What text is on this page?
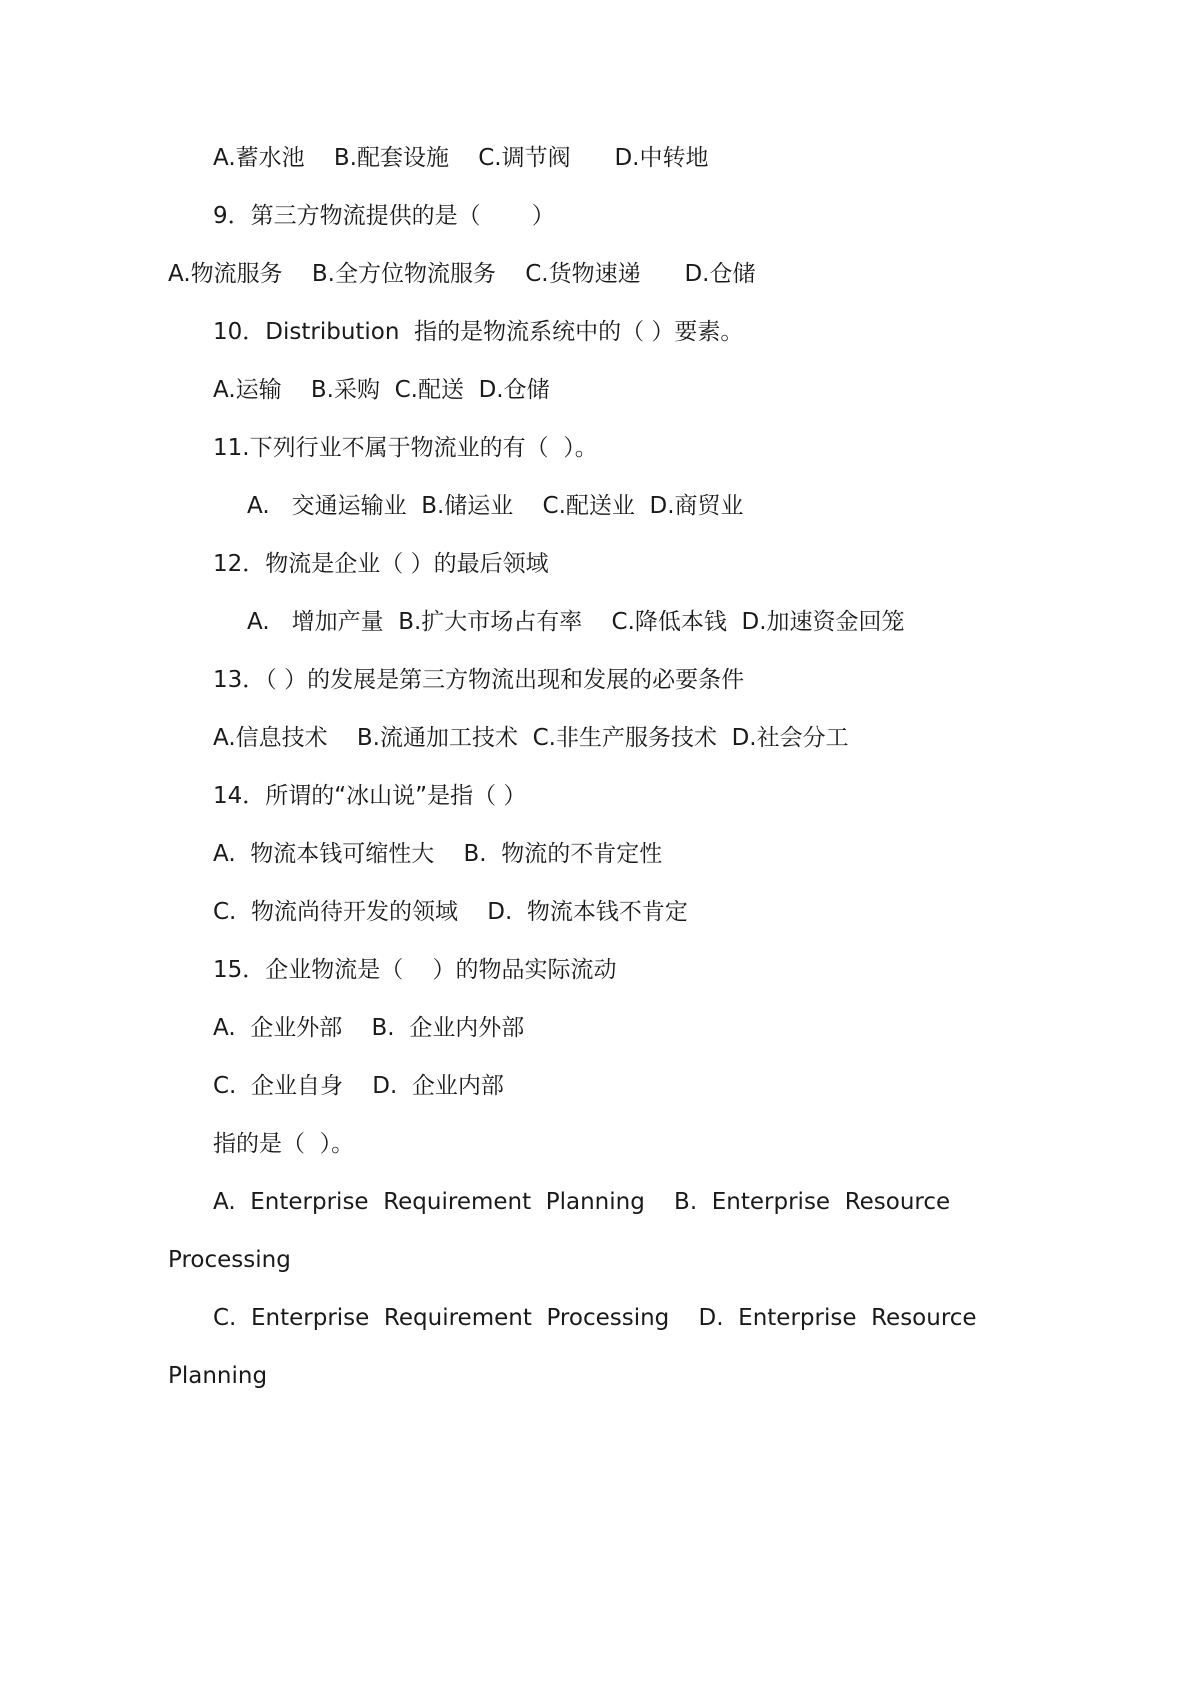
A.蓄水池    B.配套设施    C.调节阀      D.中转地
9．第三方物流提供的是（       ）
A.物流服务    B.全方位物流服务    C.货物速递      D.仓储
10．Distribution  指的是物流系统中的（ ）要素。
A.运输    B.采购  C.配送  D.仓储
11.下列行业不属于物流业的有（  ）。
A.   交通运输业  B.储运业    C.配送业  D.商贸业
12．物流是企业（ ）的最后领域
A.   增加产量  B.扩大市场占有率    C.降低本钱  D.加速资金回笼
13．（ ）的发展是第三方物流出现和发展的必要条件
A.信息技术    B.流通加工技术  C.非生产服务技术  D.社会分工
14．所谓的“冰山说”是指（ ）
A.  物流本钱可缩性大    B.  物流的不肯定性
C.  物流尚待开发的领域    D.  物流本钱不肯定
15．企业物流是（    ）的物品实际流动
A.  企业外部    B.  企业内外部
C.  企业自身    D.  企业内部
指的是（  ）。
A.  Enterprise  Requirement  Planning    B.  Enterprise  Resource
Processing
C.  Enterprise  Requirement  Processing    D.  Enterprise  Resource
Planning
